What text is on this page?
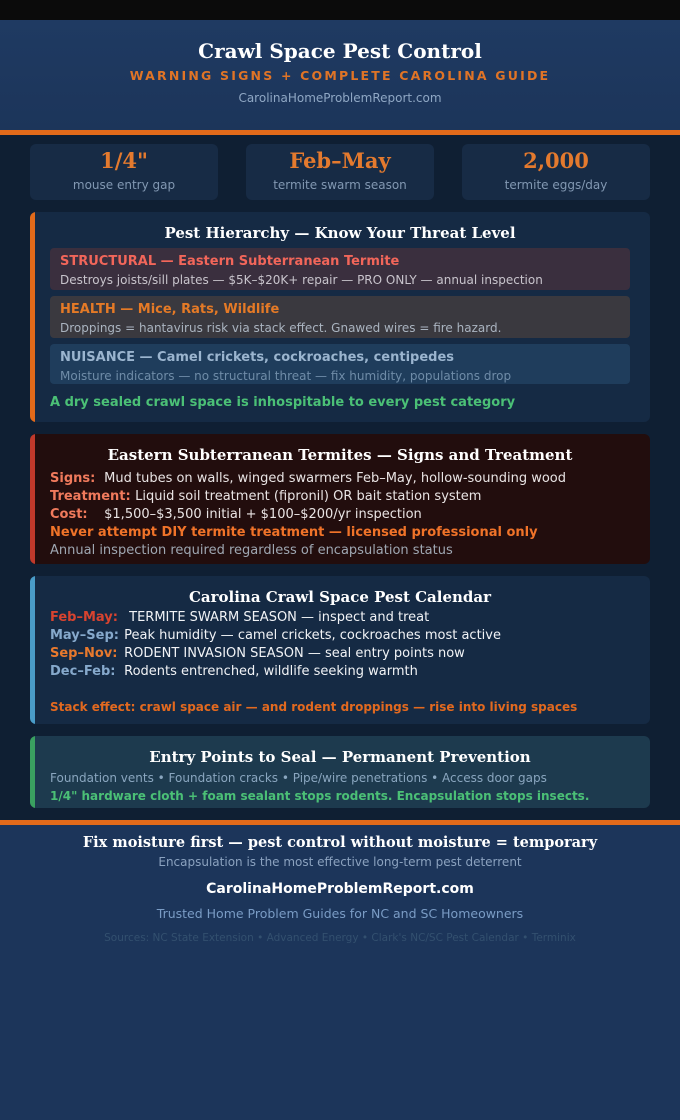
Crawl Space Pest Control
WARNING SIGNS + COMPLETE CAROLINA GUIDE
CarolinaHomeProblemReport.com
1/4"
mouse entry gap
Feb–May
termite swarm season
2,000
termite eggs/day
Pest Hierarchy — Know Your Threat Level
STRUCTURAL — Eastern Subterranean Termite
Destroys joists/sill plates — $5K–$20K+ repair — PRO ONLY — annual inspection
HEALTH — Mice, Rats, Wildlife
Droppings = hantavirus risk via stack effect. Gnawed wires = fire hazard.
NUISANCE — Camel crickets, cockroaches, centipedes
Moisture indicators — no structural threat — fix humidity, populations drop
A dry sealed crawl space is inhospitable to every pest category
Eastern Subterranean Termites — Signs and Treatment
Signs: Mud tubes on walls, winged swarmers Feb–May, hollow-sounding wood
Treatment: Liquid soil treatment (fipronil) OR bait station system
Cost: $1,500–$3,500 initial + $100–$200/yr inspection
Never attempt DIY termite treatment — licensed professional only
Annual inspection required regardless of encapsulation status
Carolina Crawl Space Pest Calendar
Feb–May: TERMITE SWARM SEASON — inspect and treat
May–Sep: Peak humidity — camel crickets, cockroaches most active
Sep–Nov: RODENT INVASION SEASON — seal entry points now
Dec–Feb: Rodents entrenched, wildlife seeking warmth
Stack effect: crawl space air — and rodent droppings — rise into living spaces
Entry Points to Seal — Permanent Prevention
Foundation vents • Foundation cracks • Pipe/wire penetrations • Access door gaps
1/4" hardware cloth + foam sealant stops rodents. Encapsulation stops insects.
Fix moisture first — pest control without moisture = temporary
Encapsulation is the most effective long-term pest deterrent
CarolinaHomeProblemReport.com
Trusted Home Problem Guides for NC and SC Homeowners
Sources: NC State Extension • Advanced Energy • Clark's NC/SC Pest Calendar • Terminix
